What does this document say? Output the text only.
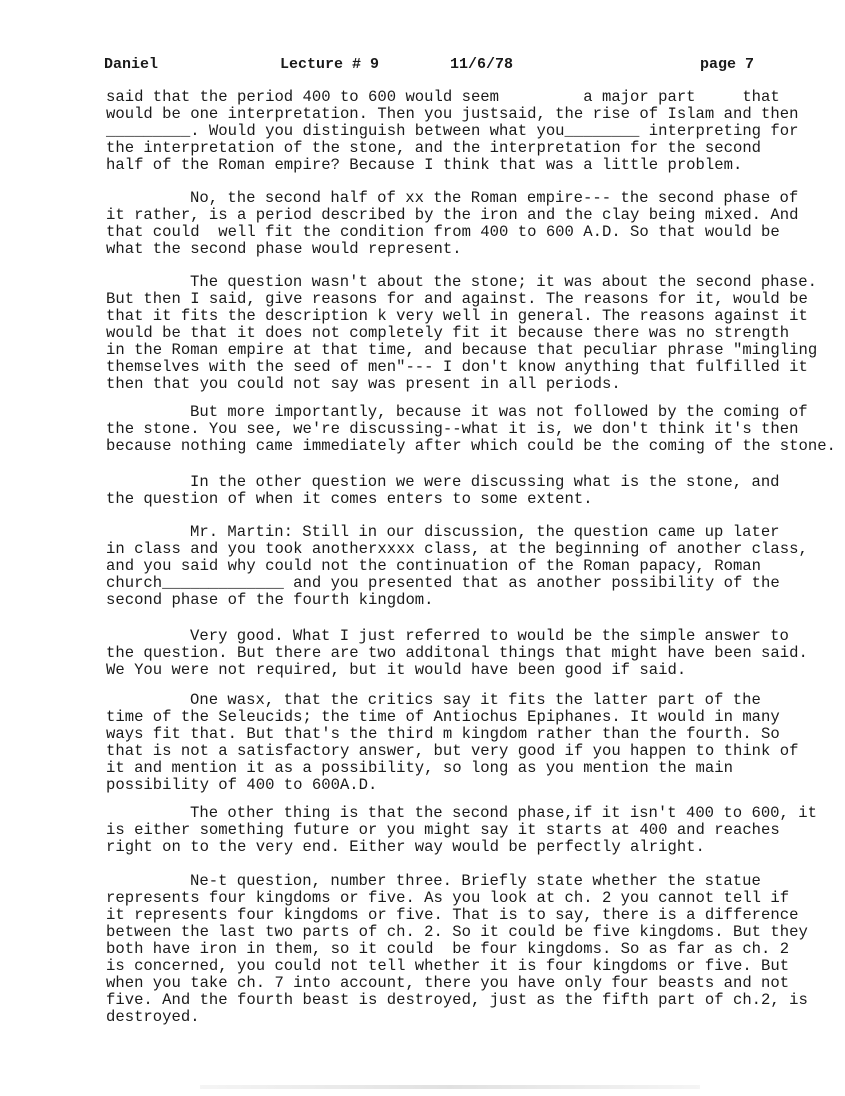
Daniel	Lecture # 9	11/6/78	page 7
said that the period 400 to 600 would seem         a major part     that
would be one interpretation. Then you justsaid, the rise of Islam and then
_________. Would you distinguish between what you________ interpreting for
the interpretation of the stone, and the interpretation for the second
half of the Roman empire? Because I think that was a little problem.
No, the second half of xx the Roman empire--- the second phase of
it rather, is a period described by the iron and the clay being mixed. And
that could  well fit the condition from 400 to 600 A.D. So that would be
what the second phase would represent.
The question wasn't about the stone; it was about the second phase.
But then I said, give reasons for and against. The reasons for it, would be
that it fits the description k very well in general. The reasons against it
would be that it does not completely fit it because there was no strength
in the Roman empire at that time, and because that peculiar phrase "mingling
themselves with the seed of men"--- I don't know anything that fulfilled it
then that you could not say was present in all periods.
But more importantly, because it was not followed by the coming of
the stone. You see, we're discussing--what it is, we don't think it's then
because nothing came immediately after which could be the coming of the stone.
In the other question we were discussing what is the stone, and
the question of when it comes enters to some extent.
Mr. Martin: Still in our discussion, the question came up later
in class and you took anotherxxxx class, at the beginning of another class,
and you said why could not the continuation of the Roman papacy, Roman
church_____________ and you presented that as another possibility of the
second phase of the fourth kingdom.
Very good. What I just referred to would be the simple answer to
the question. But there are two additonal things that might have been said.
We You were not required, but it would have been good if said.
One wasx, that the critics say it fits the latter part of the
time of the Seleucids; the time of Antiochus Epiphanes. It would in many
ways fit that. But that's the third m kingdom rather than the fourth. So
that is not a satisfactory answer, but very good if you happen to think of
it and mention it as a possibility, so long as you mention the main
possibility of 400 to 600A.D.
The other thing is that the second phase,if it isn't 400 to 600, it
is either something future or you might say it starts at 400 and reaches
right on to the very end. Either way would be perfectly alright.
Ne-t question, number three. Briefly state whether the statue
represents four kingdoms or five. As you look at ch. 2 you cannot tell if
it represents four kingdoms or five. That is to say, there is a difference
between the last two parts of ch. 2. So it could be five kingdoms. But they
both have iron in them, so it could  be four kingdoms. So as far as ch. 2
is concerned, you could not tell whether it is four kingdoms or five. But
when you take ch. 7 into account, there you have only four beasts and not
five. And the fourth beast is destroyed, just as the fifth part of ch.2, is
destroyed.
